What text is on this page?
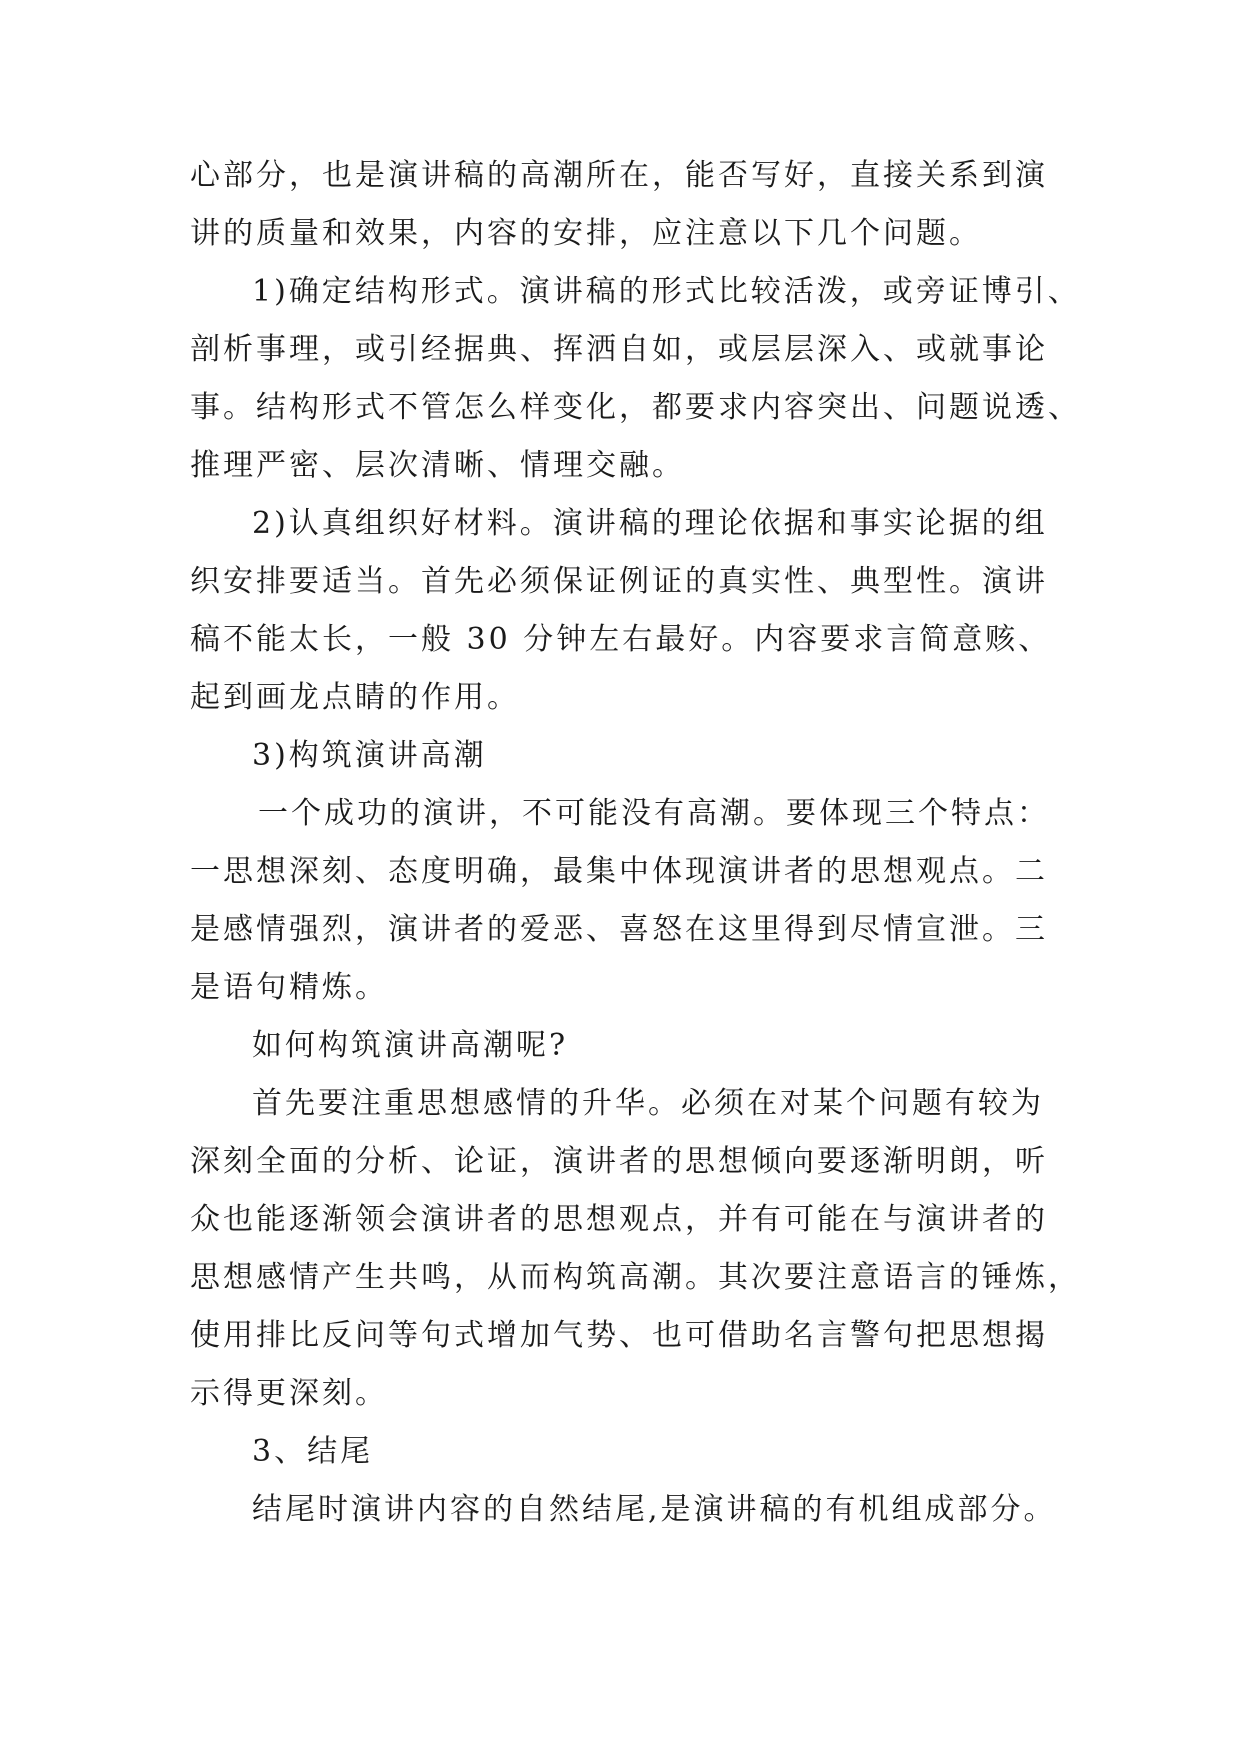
心部分，也是演讲稿的高潮所在，能否写好，直接关系到演
讲的质量和效果，内容的安排，应注意以下几个问题。
1)确定结构形式。演讲稿的形式比较活泼，或旁证博引、
剖析事理，或引经据典、挥洒自如，或层层深入、或就事论
事。结构形式不管怎么样变化，都要求内容突出、问题说透、
推理严密、层次清晰、情理交融。
2)认真组织好材料。演讲稿的理论依据和事实论据的组
织安排要适当。首先必须保证例证的真实性、典型性。演讲
稿不能太长，一般 30 分钟左右最好。内容要求言简意赅、
起到画龙点睛的作用。
3)构筑演讲高潮
一个成功的演讲，不可能没有高潮。要体现三个特点：
一思想深刻、态度明确，最集中体现演讲者的思想观点。二
是感情强烈，演讲者的爱恶、喜怒在这里得到尽情宣泄。三
是语句精炼。
如何构筑演讲高潮呢?
首先要注重思想感情的升华。必须在对某个问题有较为
深刻全面的分析、论证，演讲者的思想倾向要逐渐明朗，听
众也能逐渐领会演讲者的思想观点，并有可能在与演讲者的
思想感情产生共鸣，从而构筑高潮。其次要注意语言的锤炼，
使用排比反问等句式增加气势、也可借助名言警句把思想揭
示得更深刻。
3、结尾
结尾时演讲内容的自然结尾,是演讲稿的有机组成部分。
